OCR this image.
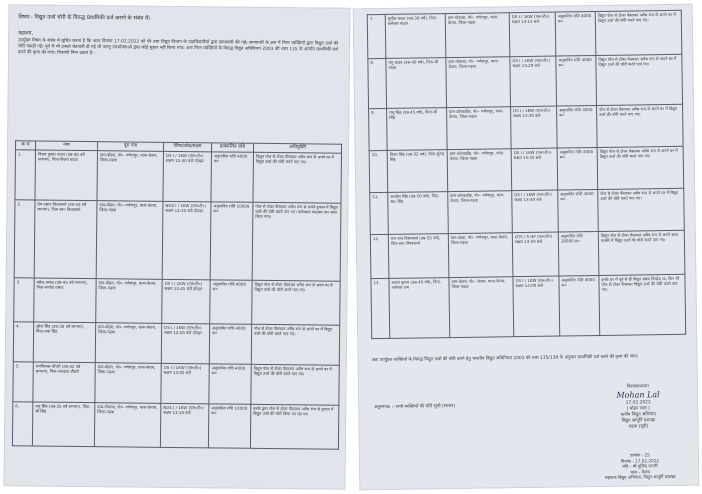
विषय:- विद्युत उर्जा चोरी के विरुद्ध प्राथमिकी दर्ज कराने के संबंध में।
महाशय,
उपर्युक्त विषय के संबंध में सूचित करना है कि आज दिनांक 17.02.2022 को मेरे तथा विद्युत विभाग के पदाधिकारियों द्वारा छापामारी की गई। छापामारी के क्रम में निम्न व्यक्तियों द्वारा विद्युत उर्जा की चोरी पकड़ी गई। पूर्व में भी उनको चेतावनी दी गई थी परन्तु उपभोक्ताओं द्वारा कोई सुधार नहीं किया गया। अतः निम्न व्यक्तियों के विरुद्ध विद्युत अधिनियम 2003 की धारा 135 के अंतर्गत प्राथमिकी दर्ज करने की कृपा की जाए। विवरणी निम्न प्रकार है:-
क्र सं	नाम	पूरा पता	टैरिफ/लोड/सक्षम	प्राक्कलित राशि	अभियुक्ति
1.	विजय कुमार यादव (उम्र-40 वर्ष लगभग), पिता-विजय यादव	ग्राम-बोहरा, पो०- गणेशपुर, थाना-केराय, जिला-गढ़वा	DS I / 1KW (एल०टी०) सक्षम 12:30 बजे दोपहर	अनुमानित राशि 4000 रू०	विद्युत पोल से टोका फँसाकर अवैध रूप से अपने घर में विद्युत उर्जा की चोरी करते पाए गए।
2.	प्रेम प्रसाद विश्वकर्मा (उम्र-50 वर्ष लगभग), पिता-स्व० विश्वकर्मा	ग्राम-बोहरा, पो०- गणेशपुर, थाना-केराय, जिला-गढ़वा	NDS I / 1KW (एल०टी०) सक्षम 12:30 बजे दोपहर	अनुमानित राशि 10000 रू०	पोल से टोका फँसाकर अवैध रूप से अपने दुकान में विद्युत उर्जा की चोरी करते पाए गए। कनेक्शन काटकर तार जब्त किया गया।
3.	महेन्द्र प्रसाद (उम्र-45 वर्ष लगभग), पिता-रामदेव प्रसाद	ग्राम-बोहरा, पो०- गणेशपुर, थाना-केराय, जिला-गढ़वा	DS I / 1KW (एल०टी०) सक्षम 12:45 बजे दोपहर	अनुमानित राशि 4000 रू०	विद्युत पोल से टोका फँसाकर अवैध रूप से अपने घर में विद्युत उर्जा की चोरी करते पाए गए।
4.	सुरेश सिंह (उम्र-38 वर्ष लगभग), पिता-रामा सिंह	ग्राम-बोहरा, पो०- गणेशपुर, थाना-केराय, जिला-गढ़वा	DS I / 1KW (एल०टी०) सक्षम 12:50 बजे दोपहर	अनुमानित राशि 4000 रू०	पोल से टोका फँसाकर अवैध रूप से अपने घर में विद्युत उर्जा की चोरी करते पाए गए।
5.	रामविलास चौधरी (उम्र-42 वर्ष लगभग), पिता-रामदास चौधरी	ग्राम-बोहरा, पो०- गणेशपुर, थाना-केराय, जिला-गढ़वा	DS I / 1KW (एल०टी०) सक्षम 13:00 बजे	अनुमानित राशि 4000 रू०	विद्युत पोल से टोका फँसाकर अवैध रूप से अपने घर में विद्युत उर्जा की चोरी करते पाए गए।
6.	रामू सिंह (उम्र-35 वर्ष लगभग), पिता-श्री सिंह	ग्राम-गोदरवा, पो०- गणेशपुर, थाना-केराय, जिला-गढ़वा	NDS I / 1KW (एल०टी०) सक्षम 13:10 बजे	अनुमानित राशि 10000 रू०	इनके द्वारा पोल से टोका फँसाकर अवैध रूप से दुकान में विद्युत उर्जा की चोरी किया जा रहा था।
7.	सुनील यादव (उम्र-30 वर्ष), पिता-कमेश्वर यादव	ग्राम-गोदरवा, पो०- गणेशपुर, थाना-केराय, जिला-गढ़वा	DS I / 1KW (एल०टी०) सक्षम 13:15 बजे	अनुमानित राशि 4000 रू०	विद्युत पोल से टोका फँसाकर अवैध रूप से अपने घर में विद्युत उर्जा की चोरी करते पाए गए।
8.	रामु यादव (उम्र-40 वर्ष), पिता-श्री यादव	ग्राम-गोदरवा, पो०- गणेशपुर, थाना-केराय, जिला-गढ़वा	DS I / 1KW (एल०टी०) सक्षम 13:20 बजे	अनुमानित राशि 4000 रू०	विद्युत पोल से टोका फँसाकर अवैध रूप से अपने घर में विद्युत उर्जा की चोरी करते पाए गए।
9.	रामू सिंह (उम्र-45 वर्ष), पिता-श्री सिंह	ग्राम-कोरवाडीह, पो०- गणेशपुर, थाना-केराय, जिला-गढ़वा	DS I / 1KW (एल०टी०) सक्षम 13:30 बजे	अनुमानित राशि 4000 रू०	पोल से टोका फँसाकर अवैध रूप से अपने घर में विद्युत उर्जा की चोरी करते पाए गए।
10.	विनय सिंह (उम्र-32 वर्ष), पिता-सुरेन्द्र सिंह	ग्राम-कोरवाडीह, पो०- गणेशपुर, थाना-केराय, जिला-गढ़वा	DS I / 1KW (एल०टी०) सक्षम 13:35 बजे	अनुमानित राशि 4000 रू०	विद्युत पोल से टोका फँसाकर अवैध रूप से अपने घर में विद्युत उर्जा की चोरी करते पाए गए।
11.	अवधेश सिंह (उम्र-50 वर्ष), पिता-स्व० सिंह	ग्राम-कोरवाडीह, पो०- गणेशपुर, थाना-केराय, जिला-गढ़वा	DS I / 1KW (एल०टी०) सक्षम 13:40 बजे	अनुमानित राशि 4000 रू०	पोल से टोका फँसाकर अवैध रूप से अपने घर में विद्युत उर्जा की चोरी करते पाए गए।
12.	राम नाथ विश्वकर्मा (उम्र-55 वर्ष), पिता-स्व० विश्वकर्मा	ग्राम-टंडवा, पो०- गणेशपुर, थाना-केराय, जिला-गढ़वा	LTIS / 5 HP (एल०टी०) सक्षम 13:50 बजे	अनुमानित राशि 20000 रू०	विद्युत पोल से टोका फँसाकर अवैध रूप से अपने आटा चक्की में विद्युत उर्जा की चोरी करते पाए गए।
13.	अजय कुमार (उम्र-40 वर्ष), पिता-नागेश्वर राम	ग्राम-केराय, पो०- केराय, थाना-केराय, जिला-गढ़वा	DS I / 1KW (एल०टी०) सक्षम 14:00 बजे	अनुमानित राशि 4000 रू०	इनके घर में पूर्व से ही विद्युत संबंध विच्छेद था, फिर भी पोल से टोका फँसाकर विद्युत उर्जा की चोरी करते पाए गए।
अतः उपर्युक्त व्यक्तियों के विरुद्ध विद्युत उर्जा की चोरी करने हेतु भारतीय विद्युत अधिनियम 2003 की धारा 135/138 के अनुसार प्राथमिकी दर्ज करने की कृपा की जाए।
अनुलग्नक :- सभी व्यक्तियों की चोरी सूची (संलग्न)
विश्वासभाजन
Mohan Lal
17.02.2022
( मोहन लाल )
कनीय विद्युत अभियंता
विद्युत आपूर्ति प्रशाखा
गढ़वा (पूर्वी)
ज्ञापांक - 25
दिनांक - 17.02.2022
प्रति - श्री पुलिस प्रभारी
थाना - केराय
सहायक विद्युत अभियंता, विद्युत आपूर्ति प्रशाखा
